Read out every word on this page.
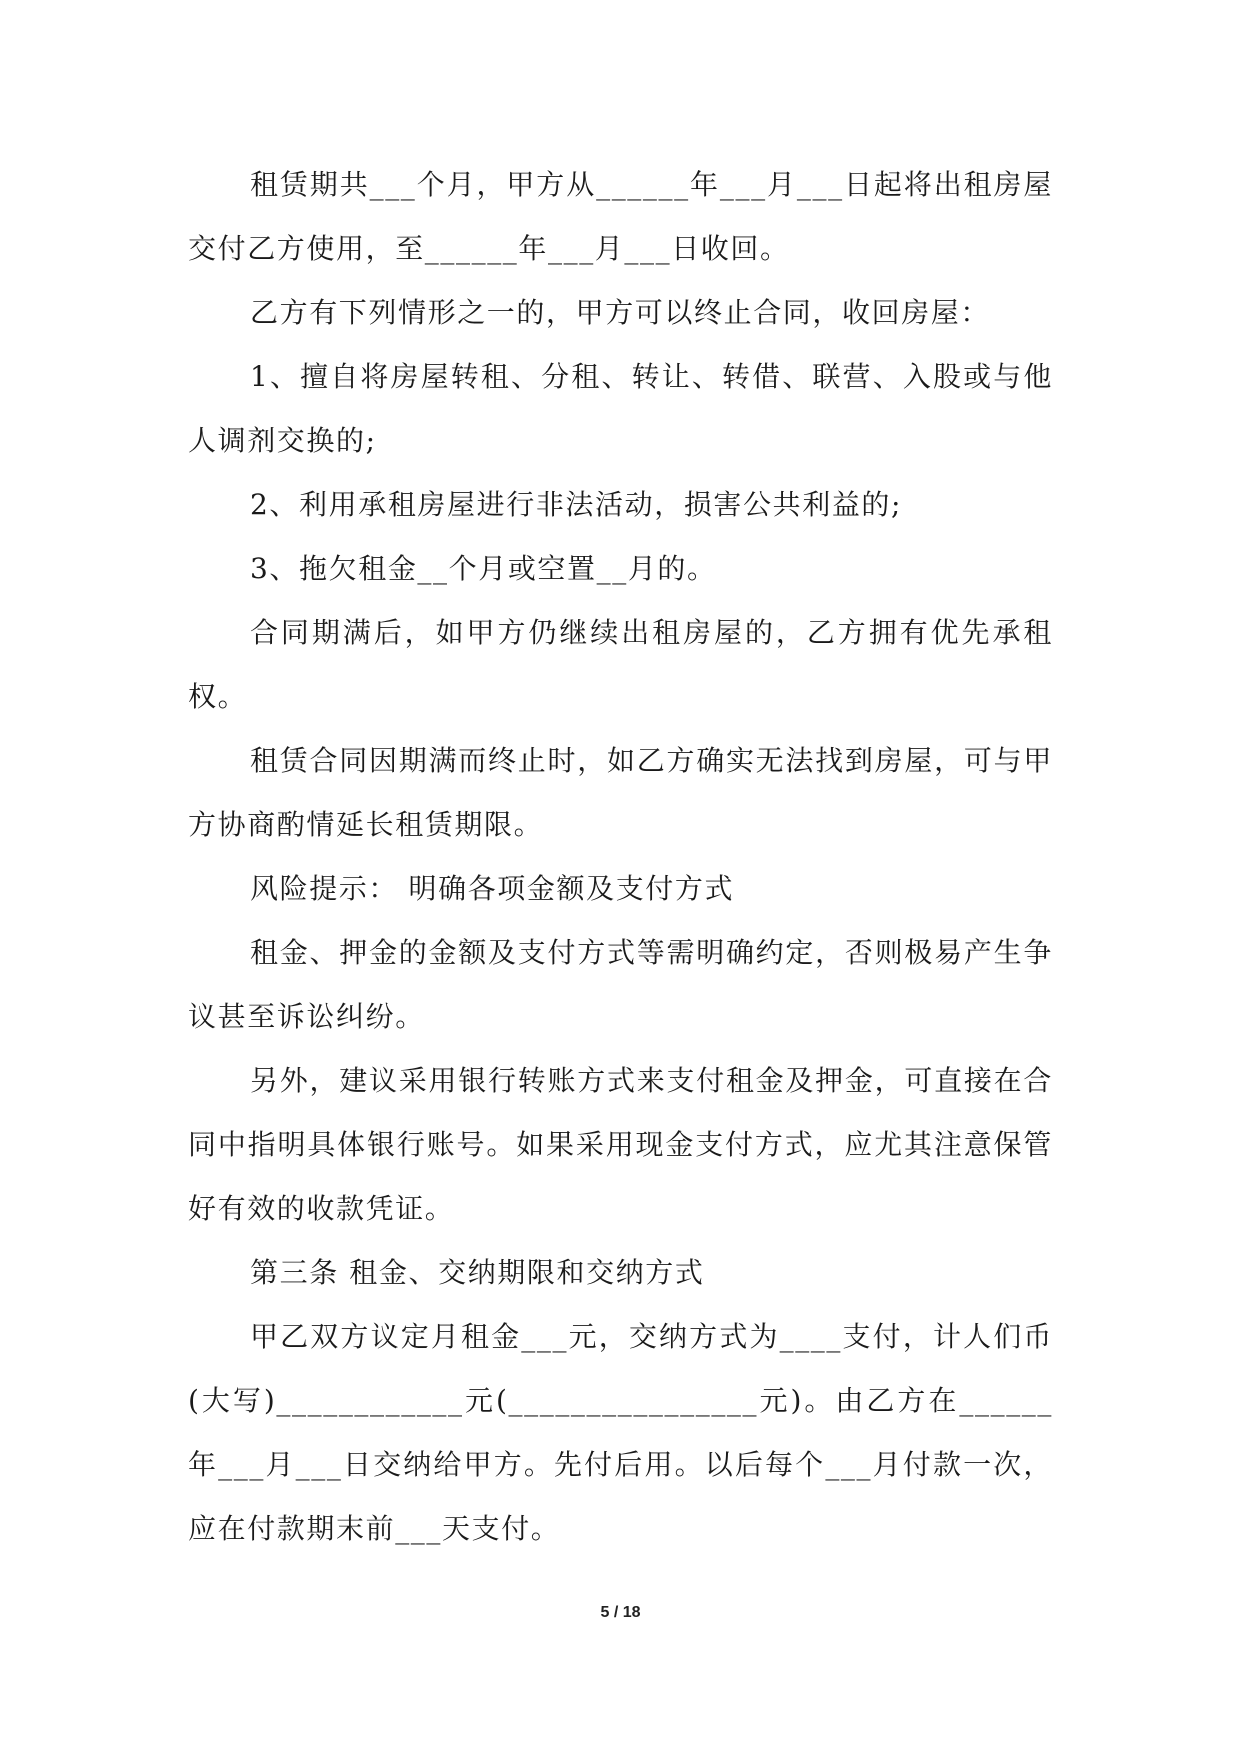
租赁期共___个月，甲方从______年___月___日起将出租房屋交付乙方使用，至______年___月___日收回。

乙方有下列情形之一的，甲方可以终止合同，收回房屋：

1、擅自将房屋转租、分租、转让、转借、联营、入股或与他人调剂交换的;

2、利用承租房屋进行非法活动，损害公共利益的;

3、拖欠租金__个月或空置__月的。

合同期满后，如甲方仍继续出租房屋的，乙方拥有优先承租权。

租赁合同因期满而终止时，如乙方确实无法找到房屋，可与甲方协商酌情延长租赁期限。

风险提示： 明确各项金额及支付方式

租金、押金的金额及支付方式等需明确约定，否则极易产生争议甚至诉讼纠纷。

另外，建议采用银行转账方式来支付租金及押金，可直接在合同中指明具体银行账号。如果采用现金支付方式，应尤其注意保管好有效的收款凭证。

第三条 租金、交纳期限和交纳方式

甲乙双方议定月租金___元，交纳方式为____支付，计人们币(大写)____________元(________________元)。由乙方在______年___月___日交纳给甲方。先付后用。以后每个___月付款一次，应在付款期末前___天支付。

5 / 18
